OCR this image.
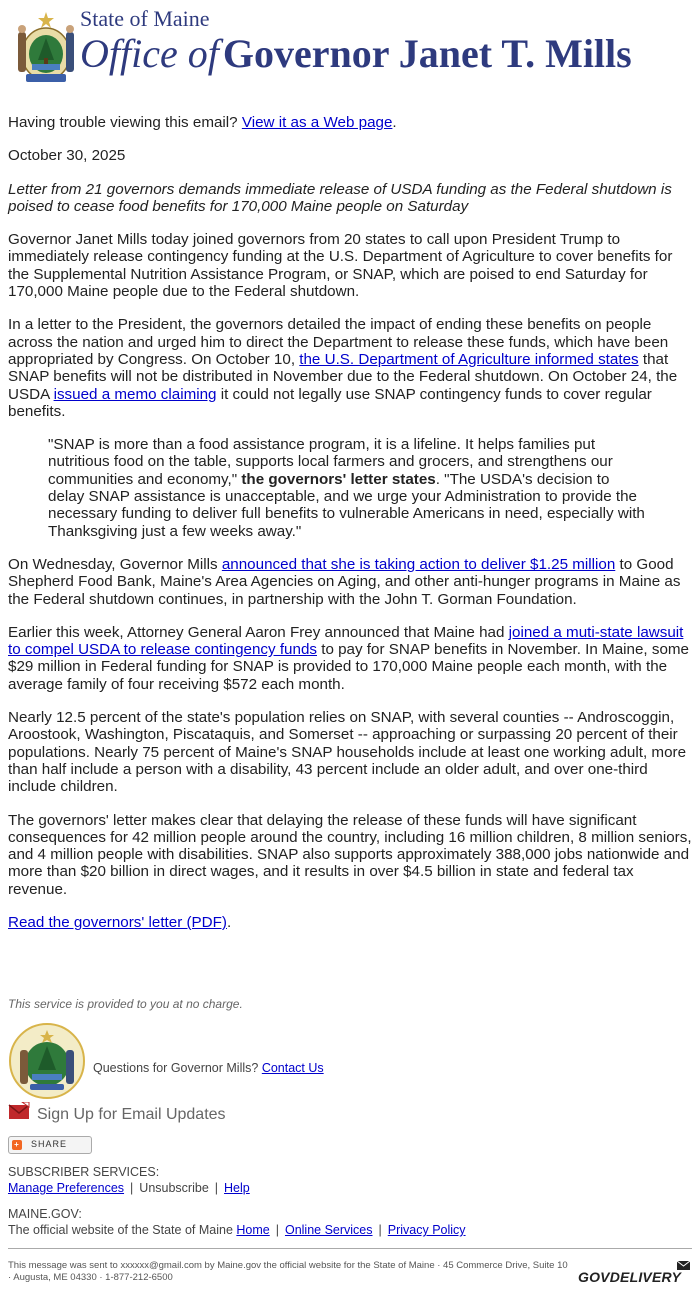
State of Maine
Office of Governor Janet T. Mills

Having trouble viewing this email? View it as a Web page.

October 30, 2025

Letter from 21 governors demands immediate release of USDA funding as the Federal shutdown is poised to cease food benefits for 170,000 Maine people on Saturday

Governor Janet Mills today joined governors from 20 states to call upon President Trump to immediately release contingency funding at the U.S. Department of Agriculture to cover benefits for the Supplemental Nutrition Assistance Program, or SNAP, which are poised to end Saturday for 170,000 Maine people due to the Federal shutdown.

In a letter to the President, the governors detailed the impact of ending these benefits on people across the nation and urged him to direct the Department to release these funds, which have been appropriated by Congress. On October 10, the U.S. Department of Agriculture informed states that SNAP benefits will not be distributed in November due to the Federal shutdown. On October 24, the USDA issued a memo claiming it could not legally use SNAP contingency funds to cover regular benefits.

"SNAP is more than a food assistance program, it is a lifeline. It helps families put nutritious food on the table, supports local farmers and grocers, and strengthens our communities and economy," the governors' letter states. "The USDA's decision to delay SNAP assistance is unacceptable, and we urge your Administration to provide the necessary funding to deliver full benefits to vulnerable Americans in need, especially with Thanksgiving just a few weeks away."

On Wednesday, Governor Mills announced that she is taking action to deliver $1.25 million to Good Shepherd Food Bank, Maine's Area Agencies on Aging, and other anti-hunger programs in Maine as the Federal shutdown continues, in partnership with the John T. Gorman Foundation.

Earlier this week, Attorney General Aaron Frey announced that Maine had joined a muti-state lawsuit to compel USDA to release contingency funds to pay for SNAP benefits in November. In Maine, some $29 million in Federal funding for SNAP is provided to 170,000 Maine people each month, with the average family of four receiving $572 each month.

Nearly 12.5 percent of the state's population relies on SNAP, with several counties -- Androscoggin, Aroostook, Washington, Piscataquis, and Somerset -- approaching or surpassing 20 percent of their populations. Nearly 75 percent of Maine's SNAP households include at least one working adult, more than half include a person with a disability, 43 percent include an older adult, and over one-third include children.

The governors' letter makes clear that delaying the release of these funds will have significant consequences for 42 million people around the country, including 16 million children, 8 million seniors, and 4 million people with disabilities. SNAP also supports approximately 388,000 jobs nationwide and more than $20 billion in direct wages, and it results in over $4.5 billion in state and federal tax revenue.

Read the governors' letter (PDF).

This service is provided to you at no charge.
Questions for Governor Mills? Contact Us
Sign Up for Email Updates
+ SHARE
SUBSCRIBER SERVICES:
Manage Preferences | Unsubscribe | Help
MAINE.GOV:
The official website of the State of Maine Home | Online Services | Privacy Policy
This message was sent to xxxxxx@gmail.com by Maine.gov the official website for the State of Maine · 45 Commerce Drive, Suite 10 · Augusta, ME 04330 · 1-877-212-6500	GOVDELIVERY
